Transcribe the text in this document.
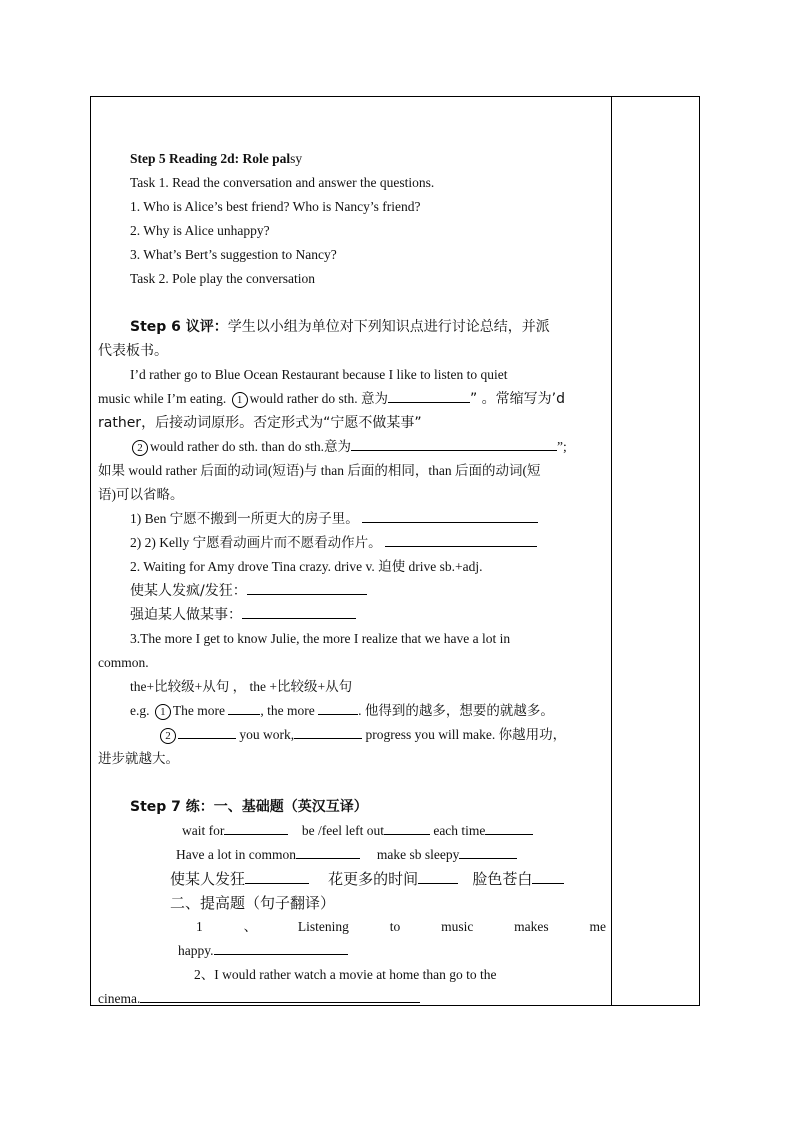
Step 5 Reading 2d: Role palsy
Task 1. Read the conversation and answer the questions.
1. Who is Alice’s best friend? Who is Nancy’s friend?
2. Why is Alice unhappy?
3. What’s Bert’s suggestion to Nancy?
Task 2. Pole play the conversation
Step 6 议评：学生以小组为单位对下列知识点进行讨论总结，并派
代表板书。
I’d rather go to Blue Ocean Restaurant because I like to listen to quiet
music while I’m eating. 1 would rather do sth. 意为	” 。常缩写为’d
rather，后接动词原形。否定形式为“宁愿不做某事”
2 would rather do sth. than do sth.意为	”;
如果 would rather 后面的动词(短语)与 than 后面的相同，than 后面的动词(短
语)可以省略。
1) Ben 宁愿不搬到一所更大的房子里。
2) 2) Kelly 宁愿看动画片而不愿看动作片。
2. Waiting for Amy drove Tina crazy. drive v. 迫使 drive sb.+adj.
使某人发疯/发狂：
强迫某人做某事：
3.The more I get to know Julie, the more I realize that we have a lot in
common.
the+比较级+从句 ， the +比较级+从句
e.g. 1 The more	, the more	. 他得到的越多，想要的就越多。
2	you work,	progress you will make. 你越用功，
进步就越大。
Step 7 练：一、基础题（英汉互译）
wait for	be /feel left out	each time
Have a lot in common	make sb sleepy
使某人发狂	花更多的时间	脸色苍白
二、提高题（句子翻译）
1	、	Listening	to	music	makes	me
happy.
2、I would rather watch a movie at home than go to the
cinema.
